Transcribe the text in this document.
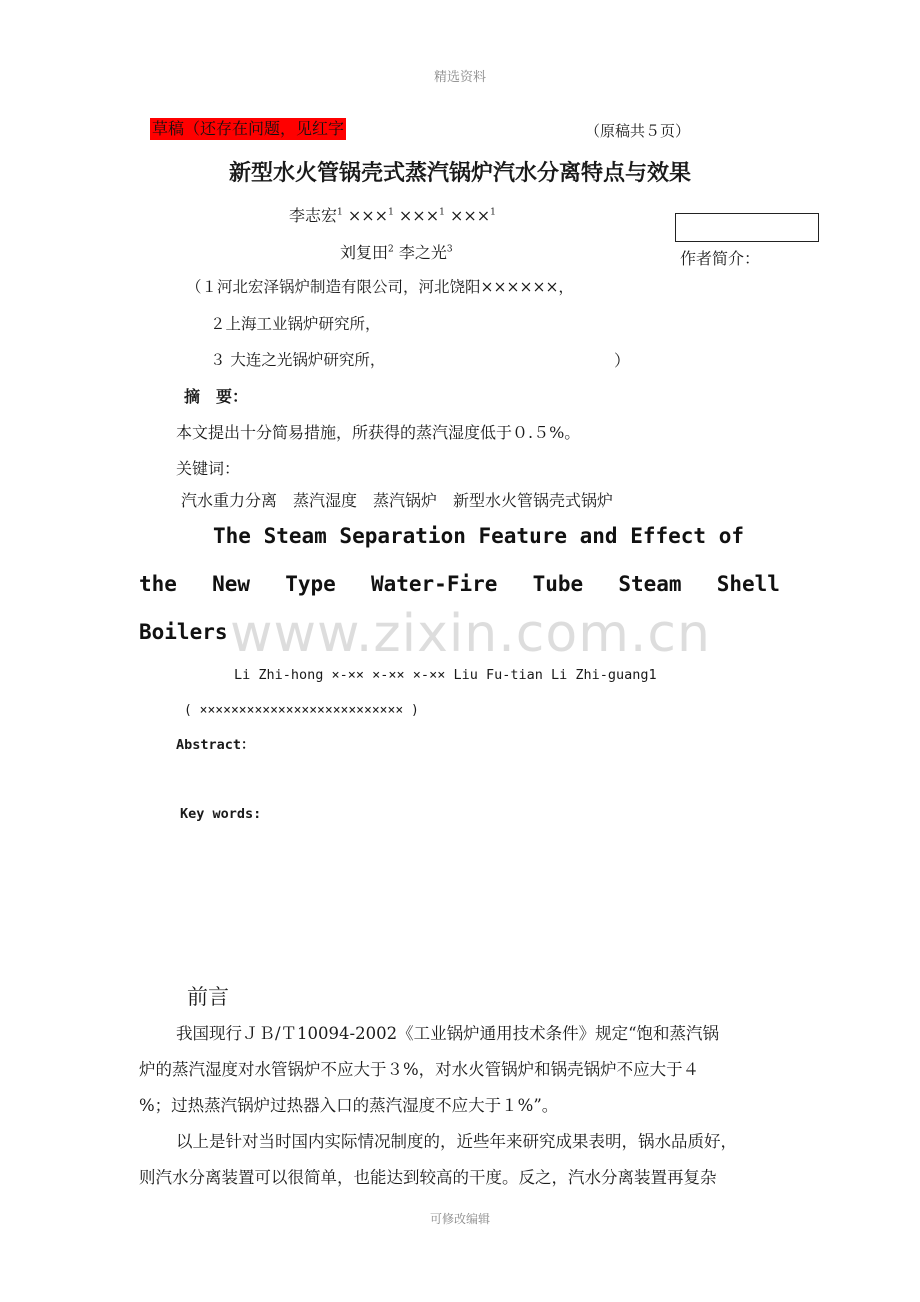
精选资料
草稿（还存在问题，见红字	（原稿共５页）
新型水火管锅壳式蒸汽锅炉汽水分离特点与效果
李志宏$^1$ ×××$^1$ ×××$^1$ ×××$^1$
刘复田$^2$ 李之光$^3$	作者简介：
（１河北宏泽锅炉制造有限公司，河北饶阳××××××，
２上海工业锅炉研究所，
３ 大连之光锅炉研究所，	）
摘　要：
本文提出十分简易措施，所获得的蒸汽湿度低于０.５%。
关键词：
汽水重力分离　蒸汽湿度　蒸汽锅炉　新型水火管锅壳式锅炉
The Steam Separation Feature and Effect of
the New Type Water-Fire Tube Steam Shell
Boilers www.zixin.com.cn
Li Zhi-hong ×-×× ×-×× ×-×× Liu Fu-tian Li Zhi-guang1
( ×××××××××××××××××××××××××× )
Abstract：
Key words:
前言
我国现行ＪＢ/Ｔ10094-2002《工业锅炉通用技术条件》规定“饱和蒸汽锅
炉的蒸汽湿度对水管锅炉不应大于３%，对水火管锅炉和锅壳锅炉不应大于４
%；过热蒸汽锅炉过热器入口的蒸汽湿度不应大于１%”。
以上是针对当时国内实际情况制度的，近些年来研究成果表明，锅水品质好，
则汽水分离装置可以很简单，也能达到较高的干度。反之，汽水分离装置再复杂
可修改编辑
